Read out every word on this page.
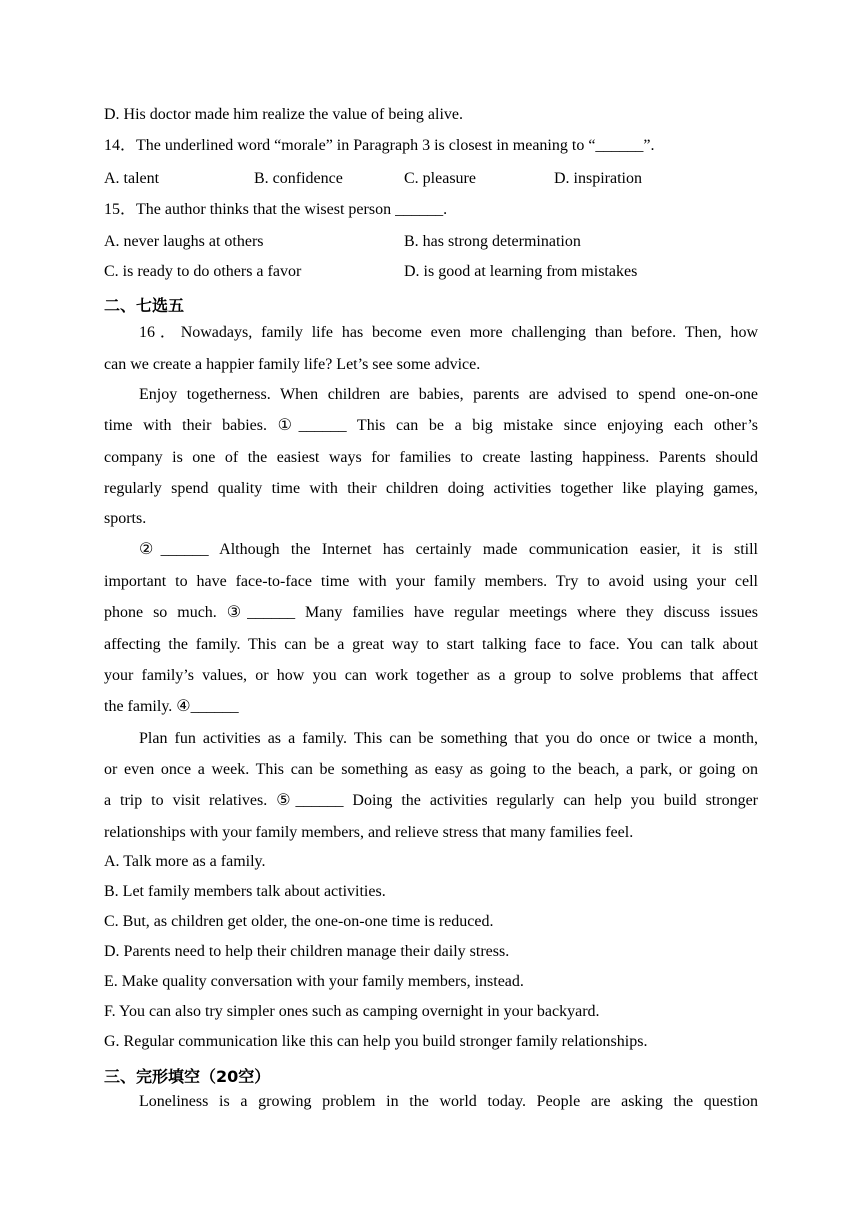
D. His doctor made him realize the value of being alive.
14．The underlined word “morale” in Paragraph 3 is closest in meaning to “______”.
A. talent	B. confidence	C. pleasure	D. inspiration
15．The author thinks that the wisest person ______.
A. never laughs at others	B. has strong determination
C. is ready to do others a favor	D. is good at learning from mistakes
二、七选五
16．Nowadays, family life has become even more challenging than before. Then, how
can we create a happier family life? Let’s see some advice.
Enjoy togetherness. When children are babies, parents are advised to spend one-on-one
time with their babies. ①______ This can be a big mistake since enjoying each other’s
company is one of the easiest ways for families to create lasting happiness. Parents should
regularly spend quality time with their children doing activities together like playing games,
sports.
②______ Although the Internet has certainly made communication easier, it is still
important to have face-to-face time with your family members. Try to avoid using your cell
phone so much. ③______ Many families have regular meetings where they discuss issues
affecting the family. This can be a great way to start talking face to face. You can talk about
your family’s values, or how you can work together as a group to solve problems that affect
the family. ④______
Plan fun activities as a family. This can be something that you do once or twice a month,
or even once a week. This can be something as easy as going to the beach, a park, or going on
a trip to visit relatives. ⑤______ Doing the activities regularly can help you build stronger
relationships with your family members, and relieve stress that many families feel.
A. Talk more as a family.
B. Let family members talk about activities.
C. But, as children get older, the one-on-one time is reduced.
D. Parents need to help their children manage their daily stress.
E. Make quality conversation with your family members, instead.
F. You can also try simpler ones such as camping overnight in your backyard.
G. Regular communication like this can help you build stronger family relationships.
三、完形填空（20空）
Loneliness is a growing problem in the world today. People are asking the question
